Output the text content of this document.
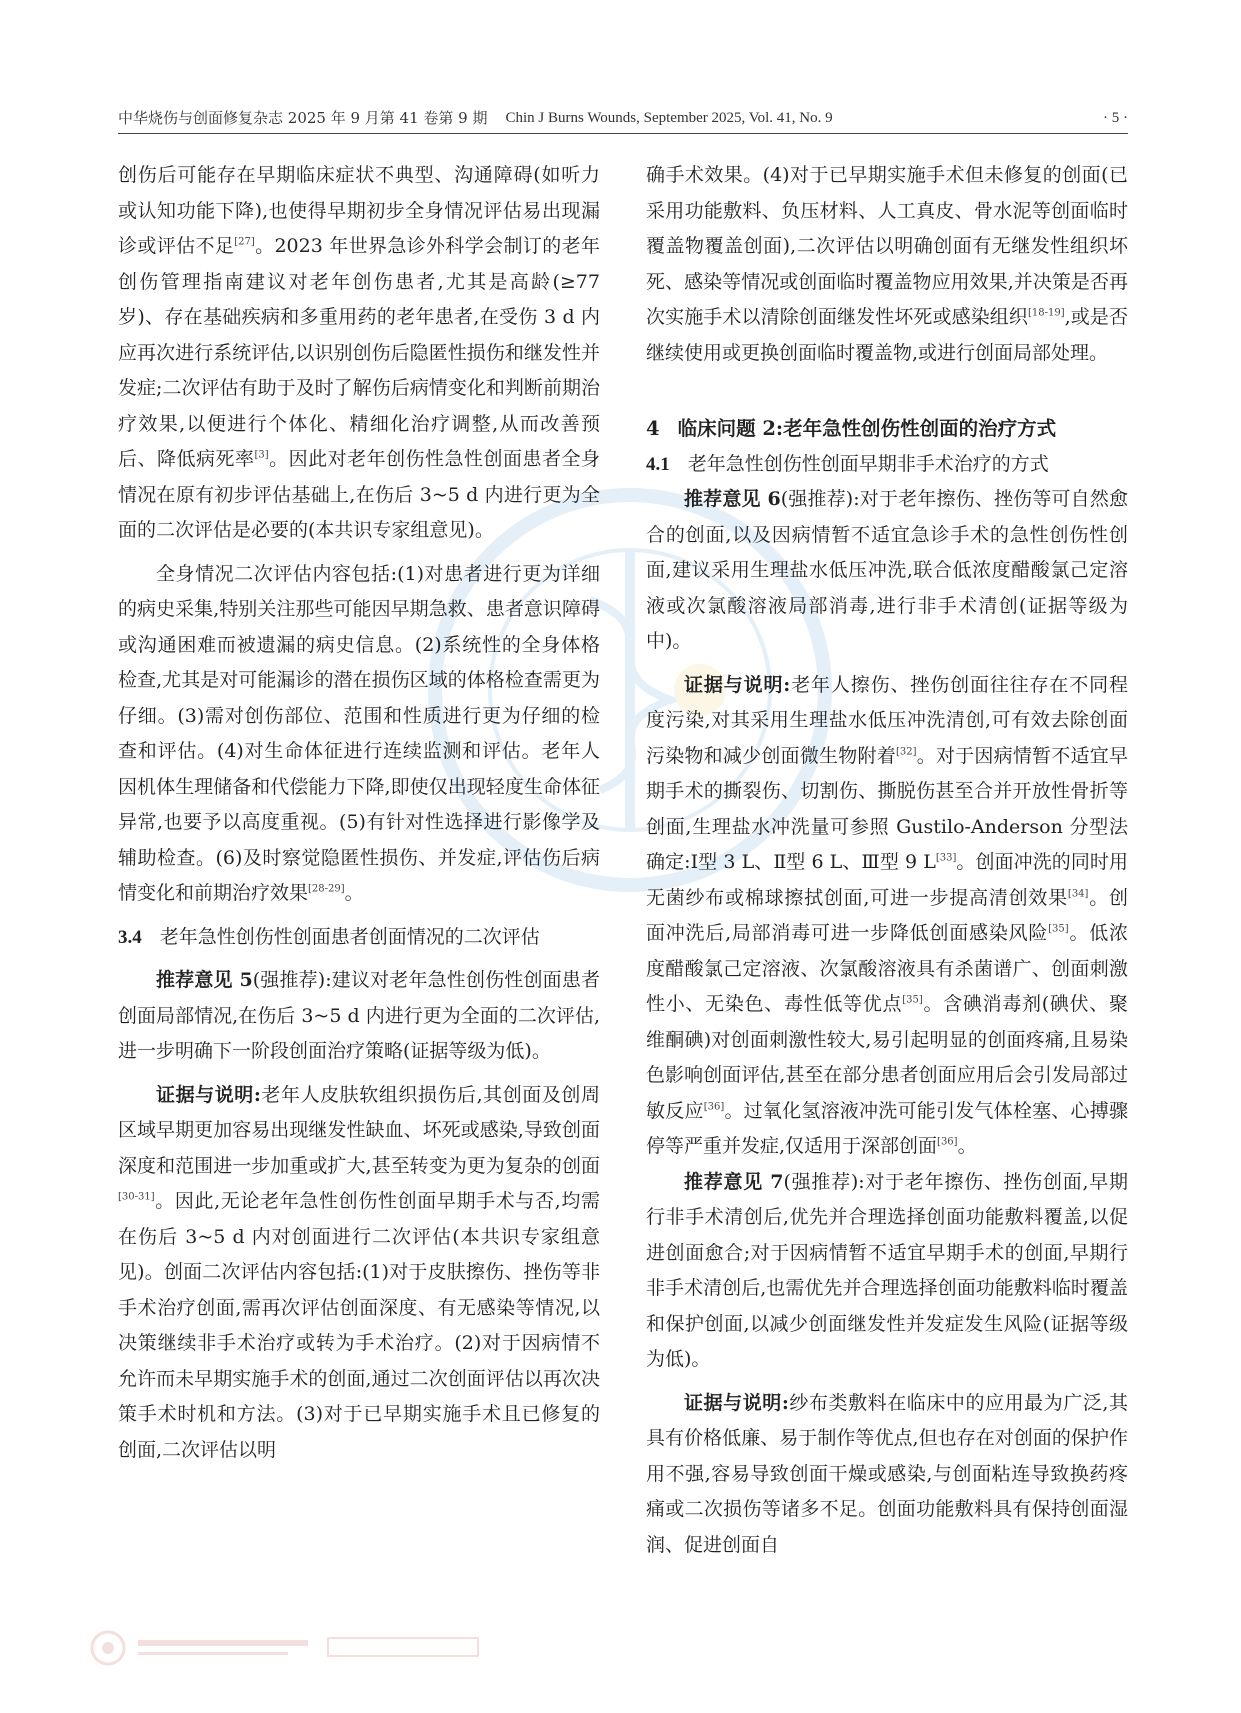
中华烧伤与创面修复杂志 2025 年 9 月第 41 卷第 9 期 Chin J Burns Wounds, September 2025, Vol. 41, No. 9	· 5 ·

创伤后可能存在早期临床症状不典型、沟通障碍(如听力或认知功能下降),也使得早期初步全身情况评估易出现漏诊或评估不足[27]。2023 年世界急诊外科学会制订的老年创伤管理指南建议对老年创伤患者,尤其是高龄(≥77 岁)、存在基础疾病和多重用药的老年患者,在受伤 3 d 内应再次进行系统评估,以识别创伤后隐匿性损伤和继发性并发症;二次评估有助于及时了解伤后病情变化和判断前期治疗效果,以便进行个体化、精细化治疗调整,从而改善预后、降低病死率[3]。因此对老年创伤性急性创面患者全身情况在原有初步评估基础上,在伤后 3~5 d 内进行更为全面的二次评估是必要的(本共识专家组意见)。

全身情况二次评估内容包括:(1)对患者进行更为详细的病史采集,特别关注那些可能因早期急救、患者意识障碍或沟通困难而被遗漏的病史信息。(2)系统性的全身体格检查,尤其是对可能漏诊的潜在损伤区域的体格检查需更为仔细。(3)需对创伤部位、范围和性质进行更为仔细的检查和评估。(4)对生命体征进行连续监测和评估。老年人因机体生理储备和代偿能力下降,即使仅出现轻度生命体征异常,也要予以高度重视。(5)有针对性选择进行影像学及辅助检查。(6)及时察觉隐匿性损伤、并发症,评估伤后病情变化和前期治疗效果[28-29]。

3.4 老年急性创伤性创面患者创面情况的二次评估

推荐意见 5(强推荐):建议对老年急性创伤性创面患者创面局部情况,在伤后 3~5 d 内进行更为全面的二次评估,进一步明确下一阶段创面治疗策略(证据等级为低)。

证据与说明:老年人皮肤软组织损伤后,其创面及创周区域早期更加容易出现继发性缺血、坏死或感染,导致创面深度和范围进一步加重或扩大,甚至转变为更为复杂的创面[30-31]。因此,无论老年急性创伤性创面早期手术与否,均需在伤后 3~5 d 内对创面进行二次评估(本共识专家组意见)。创面二次评估内容包括:(1)对于皮肤擦伤、挫伤等非手术治疗创面,需再次评估创面深度、有无感染等情况,以决策继续非手术治疗或转为手术治疗。(2)对于因病情不允许而未早期实施手术的创面,通过二次创面评估以再次决策手术时机和方法。(3)对于已早期实施手术且已修复的创面,二次评估以明

确手术效果。(4)对于已早期实施手术但未修复的创面(已采用功能敷料、负压材料、人工真皮、骨水泥等创面临时覆盖物覆盖创面),二次评估以明确创面有无继发性组织坏死、感染等情况或创面临时覆盖物应用效果,并决策是否再次实施手术以清除创面继发性坏死或感染组织[18-19],或是否继续使用或更换创面临时覆盖物,或进行创面局部处理。

4 临床问题 2:老年急性创伤性创面的治疗方式

4.1 老年急性创伤性创面早期非手术治疗的方式

推荐意见 6(强推荐):对于老年擦伤、挫伤等可自然愈合的创面,以及因病情暂不适宜急诊手术的急性创伤性创面,建议采用生理盐水低压冲洗,联合低浓度醋酸氯己定溶液或次氯酸溶液局部消毒,进行非手术清创(证据等级为中)。

证据与说明:老年人擦伤、挫伤创面往往存在不同程度污染,对其采用生理盐水低压冲洗清创,可有效去除创面污染物和减少创面微生物附着[32]。对于因病情暂不适宜早期手术的撕裂伤、切割伤、撕脱伤甚至合并开放性骨折等创面,生理盐水冲洗量可参照 Gustilo-Anderson 分型法确定:Ⅰ型 3 L、Ⅱ型 6 L、Ⅲ型 9 L[33]。创面冲洗的同时用无菌纱布或棉球擦拭创面,可进一步提高清创效果[34]。创面冲洗后,局部消毒可进一步降低创面感染风险[35]。低浓度醋酸氯己定溶液、次氯酸溶液具有杀菌谱广、创面刺激性小、无染色、毒性低等优点[35]。含碘消毒剂(碘伏、聚维酮碘)对创面刺激性较大,易引起明显的创面疼痛,且易染色影响创面评估,甚至在部分患者创面应用后会引发局部过敏反应[36]。过氧化氢溶液冲洗可能引发气体栓塞、心搏骤停等严重并发症,仅适用于深部创面[36]。

推荐意见 7(强推荐):对于老年擦伤、挫伤创面,早期行非手术清创后,优先并合理选择创面功能敷料覆盖,以促进创面愈合;对于因病情暂不适宜早期手术的创面,早期行非手术清创后,也需优先并合理选择创面功能敷料临时覆盖和保护创面,以减少创面继发性并发症发生风险(证据等级为低)。

证据与说明:纱布类敷料在临床中的应用最为广泛,其具有价格低廉、易于制作等优点,但也存在对创面的保护作用不强,容易导致创面干燥或感染,与创面粘连导致换药疼痛或二次损伤等诸多不足。创面功能敷料具有保持创面湿润、促进创面自
